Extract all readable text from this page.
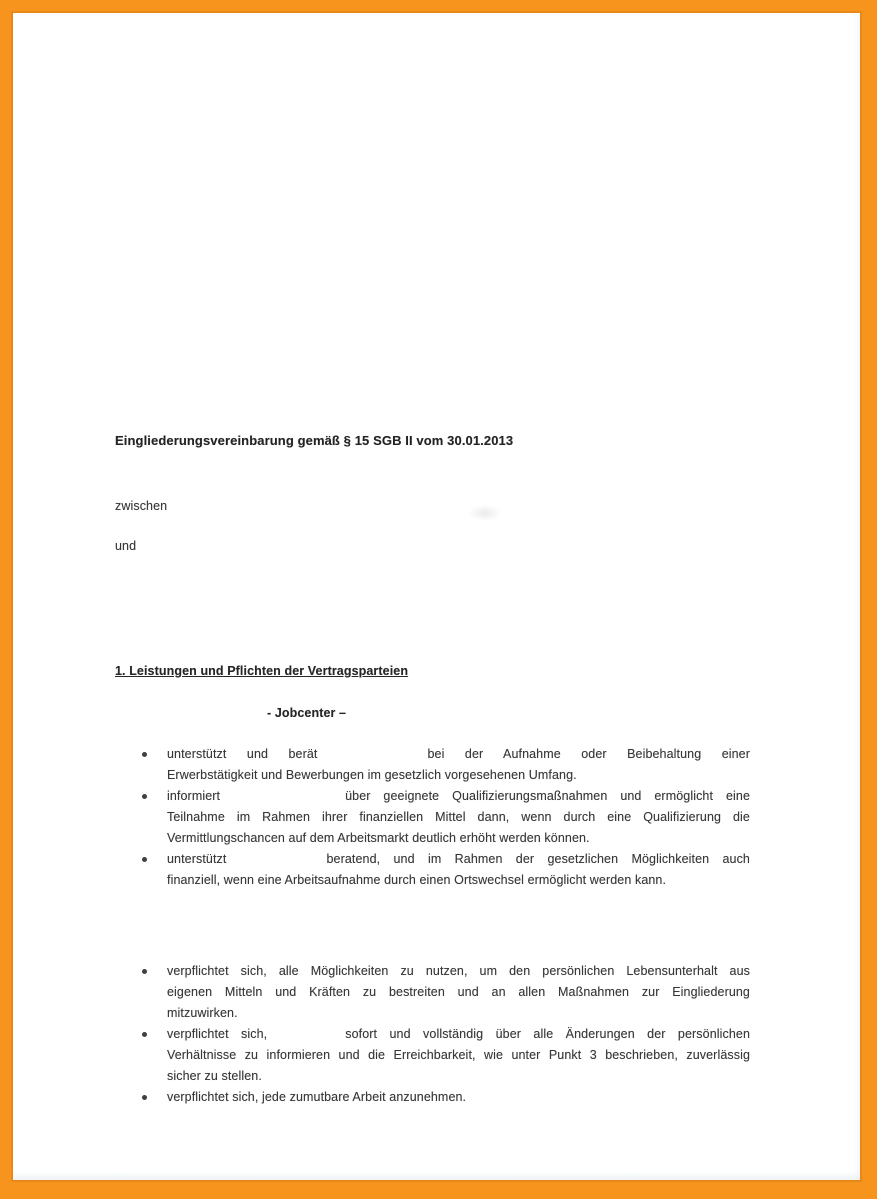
Eingliederungsvereinbarung gemäß § 15 SGB II vom 30.01.2013
zwischen
und
1. Leistungen und Pflichten der Vertragsparteien
- Jobcenter –
unterstützt und berät	bei der Aufnahme oder Beibehaltung einer
Erwerbstätigkeit und Bewerbungen im gesetzlich vorgesehenen Umfang.
informiert	über geeignete Qualifizierungsmaßnahmen und ermöglicht eine
Teilnahme im Rahmen ihrer finanziellen Mittel dann, wenn durch eine Qualifizierung die
Vermittlungschancen auf dem Arbeitsmarkt deutlich erhöht werden können.
unterstützt	beratend, und im Rahmen der gesetzlichen Möglichkeiten auch
finanziell, wenn eine Arbeitsaufnahme durch einen Ortswechsel ermöglicht werden kann.
verpflichtet sich, alle Möglichkeiten zu nutzen, um den persönlichen Lebensunterhalt aus
eigenen Mitteln und Kräften zu bestreiten und an allen Maßnahmen zur Eingliederung
mitzuwirken.
verpflichtet sich,	sofort und vollständig über alle Änderungen der persönlichen
Verhältnisse zu informieren und die Erreichbarkeit, wie unter Punkt 3 beschrieben, zuverlässig
sicher zu stellen.
verpflichtet sich, jede zumutbare Arbeit anzunehmen.
